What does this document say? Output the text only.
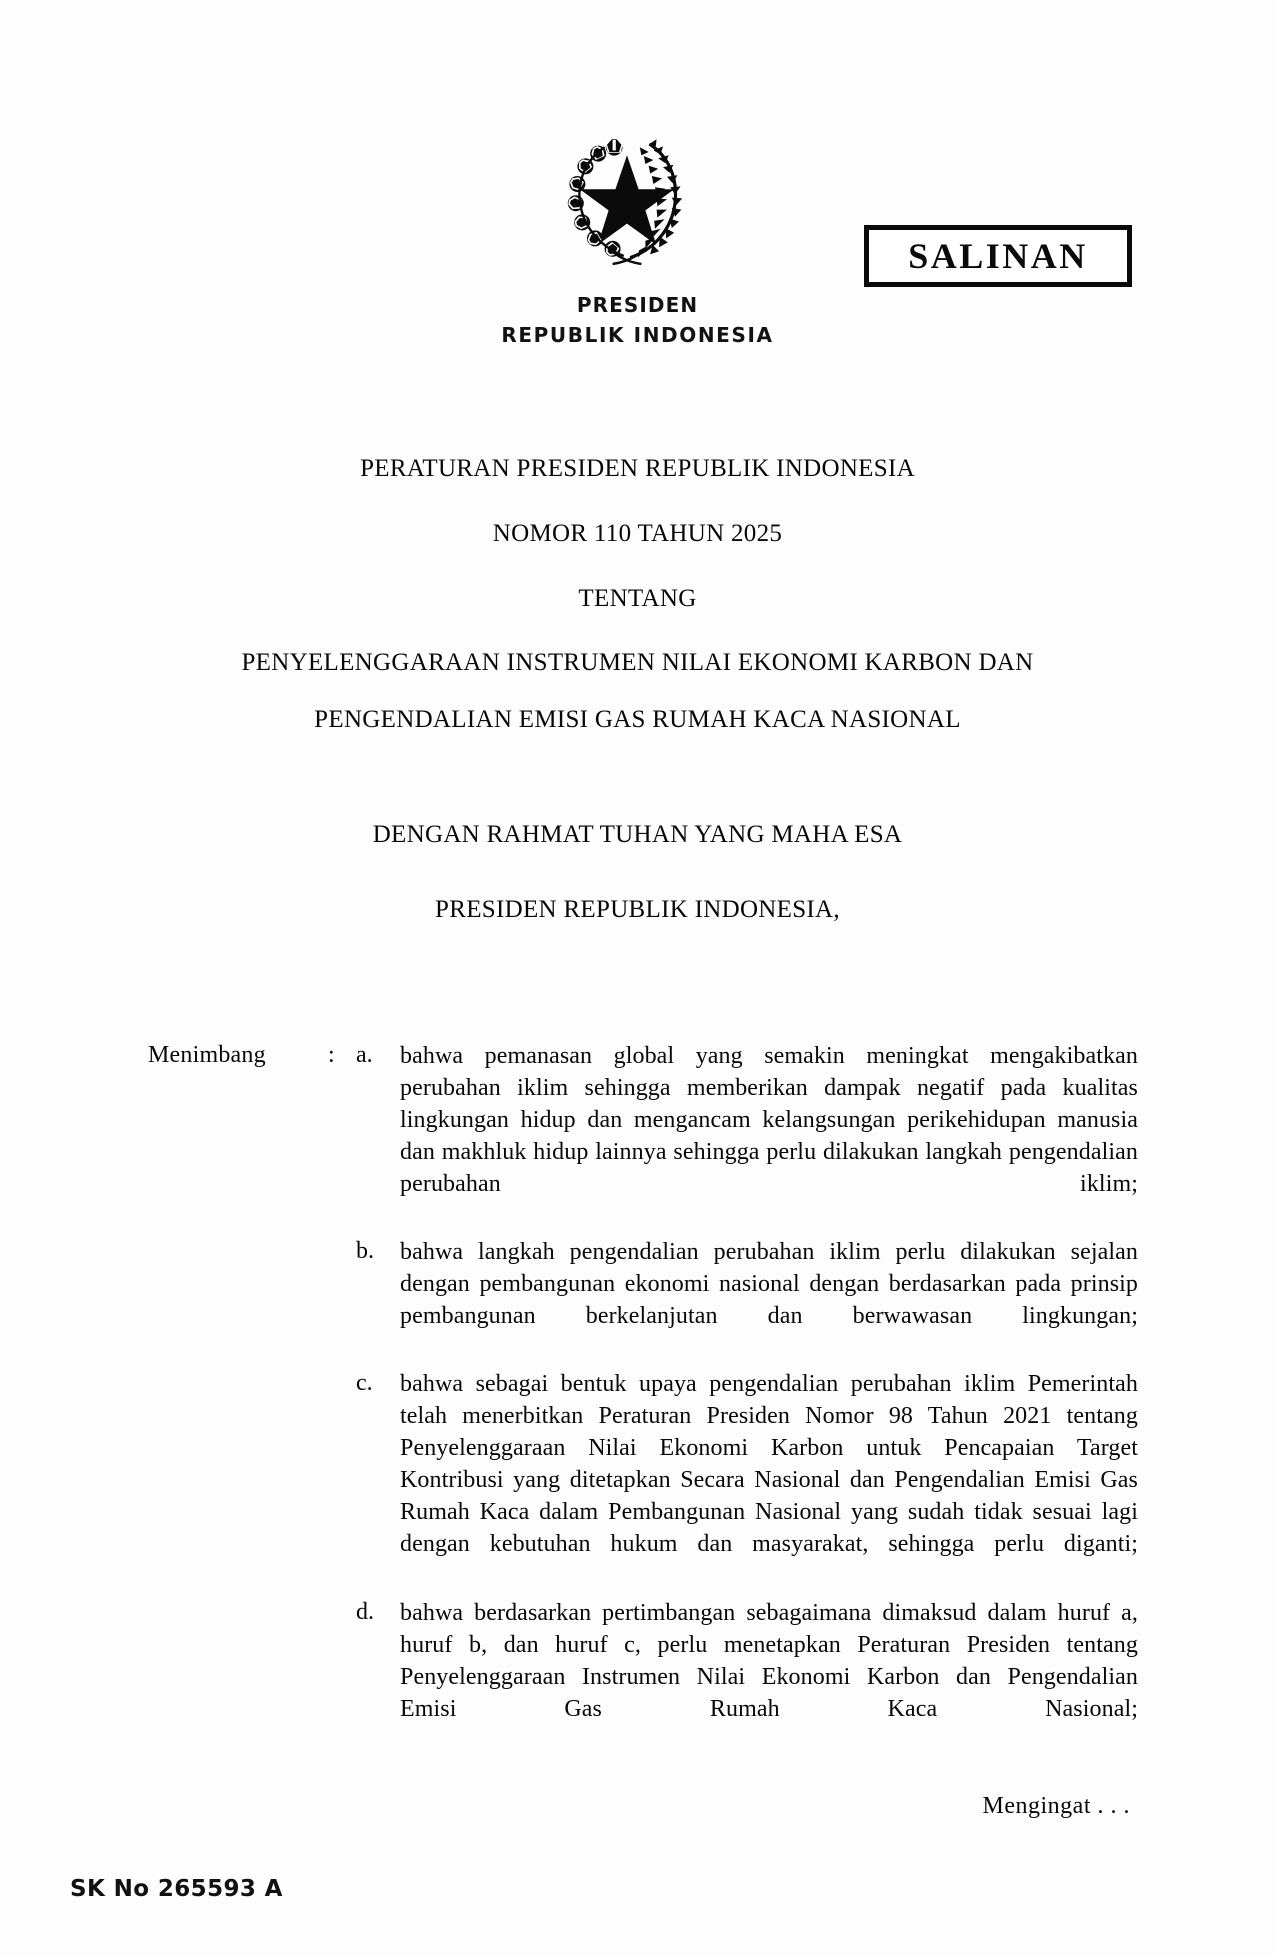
SALINAN
PRESIDEN
REPUBLIK INDONESIA
PERATURAN PRESIDEN REPUBLIK INDONESIA
NOMOR 110 TAHUN 2025
TENTANG
PENYELENGGARAAN INSTRUMEN NILAI EKONOMI KARBON DAN
PENGENDALIAN EMISI GAS RUMAH KACA NASIONAL
DENGAN RAHMAT TUHAN YANG MAHA ESA
PRESIDEN REPUBLIK INDONESIA,
Menimbang	: a.	bahwa pemanasan global yang semakin meningkat mengakibatkan perubahan iklim sehingga memberikan dampak negatif pada kualitas lingkungan hidup dan mengancam kelangsungan perikehidupan manusia dan makhluk hidup lainnya sehingga perlu dilakukan langkah pengendalian perubahan iklim;
b.	bahwa langkah pengendalian perubahan iklim perlu dilakukan sejalan dengan pembangunan ekonomi nasional dengan berdasarkan pada prinsip pembangunan berkelanjutan dan berwawasan lingkungan;
c.	bahwa sebagai bentuk upaya pengendalian perubahan iklim Pemerintah telah menerbitkan Peraturan Presiden Nomor 98 Tahun 2021 tentang Penyelenggaraan Nilai Ekonomi Karbon untuk Pencapaian Target Kontribusi yang ditetapkan Secara Nasional dan Pengendalian Emisi Gas Rumah Kaca dalam Pembangunan Nasional yang sudah tidak sesuai lagi dengan kebutuhan hukum dan masyarakat, sehingga perlu diganti;
d.	bahwa berdasarkan pertimbangan sebagaimana dimaksud dalam huruf a, huruf b, dan huruf c, perlu menetapkan Peraturan Presiden tentang Penyelenggaraan Instrumen Nilai Ekonomi Karbon dan Pengendalian Emisi Gas Rumah Kaca Nasional;
Mengingat . . .
SK No 265593 A
